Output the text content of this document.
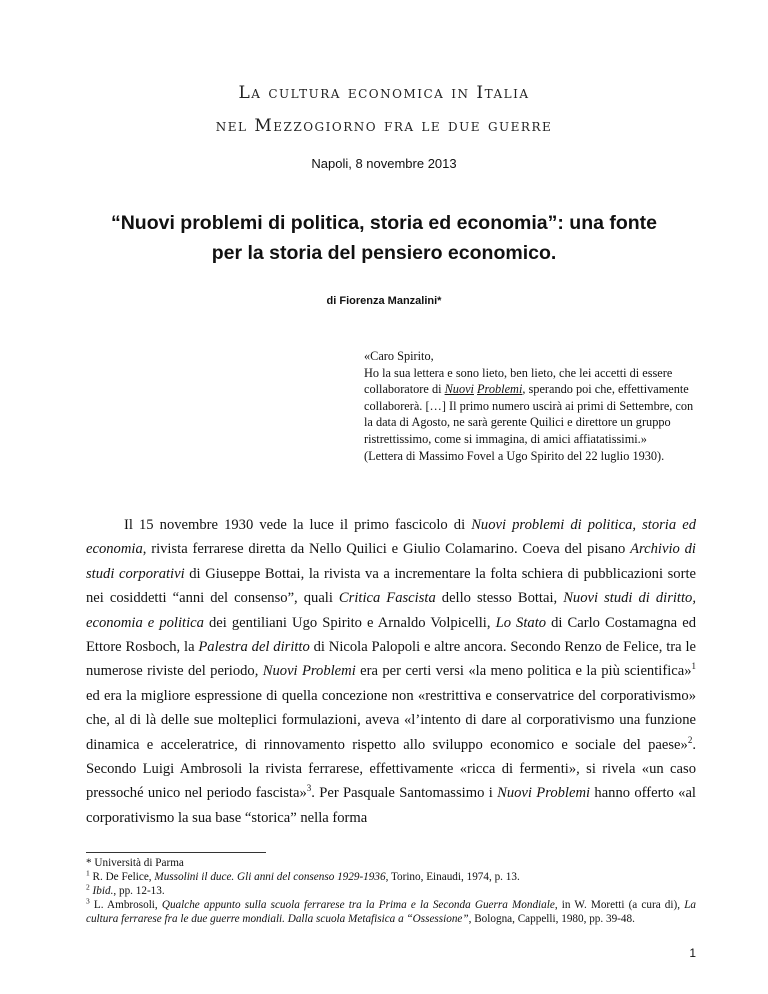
La cultura economica in Italia
nel Mezzogiorno fra le due guerre
Napoli, 8 novembre 2013
“Nuovi problemi di politica, storia ed economia”: una fonte per la storia del pensiero economico.
di Fiorenza Manzalini*
«Caro Spirito,
Ho la sua lettera e sono lieto, ben lieto, che lei accetti di essere collaboratore di Nuovi Problemi, sperando poi che, effettivamente collaborerà. […] Il primo numero uscirà ai primi di Settembre, con la data di Agosto, ne sarà gerente Quilici e direttore un gruppo ristrettissimo, come si immagina, di amici affiatatissimi.»
(Lettera di Massimo Fovel a Ugo Spirito del 22 luglio 1930).

Il 15 novembre 1930 vede la luce il primo fascicolo di Nuovi problemi di politica, storia ed economia, rivista ferrarese diretta da Nello Quilici e Giulio Colamarino. Coeva del pisano Archivio di studi corporativi di Giuseppe Bottai, la rivista va a incrementare la folta schiera di pubblicazioni sorte nei cosiddetti “anni del consenso”, quali Critica Fascista dello stesso Bottai, Nuovi studi di diritto, economia e politica dei gentiliani Ugo Spirito e Arnaldo Volpicelli, Lo Stato di Carlo Costamagna ed Ettore Rosboch, la Palestra del diritto di Nicola Palopoli e altre ancora. Secondo Renzo de Felice, tra le numerose riviste del periodo, Nuovi Problemi era per certi versi «la meno politica e la più scientifica»$^1$ ed era la migliore espressione di quella concezione non «restrittiva e conservatrice del corporativismo» che, al di là delle sue molteplici formulazioni, aveva «l’intento di dare al corporativismo una funzione dinamica e acceleratrice, di rinnovamento rispetto allo sviluppo economico e sociale del paese»$^2$. Secondo Luigi Ambrosoli la rivista ferrarese, effettivamente «ricca di fermenti», si rivela «un caso pressoché unico nel periodo fascista»$^3$. Per Pasquale Santomassimo i Nuovi Problemi hanno offerto «al corporativismo la sua base “storica” nella forma

* Università di Parma
$^1$ R. De Felice, Mussolini il duce. Gli anni del consenso 1929-1936, Torino, Einaudi, 1974, p. 13.
$^2$ Ibid., pp. 12-13.
$^3$ L. Ambrosoli, Qualche appunto sulla scuola ferrarese tra la Prima e la Seconda Guerra Mondiale, in W. Moretti (a cura di), La cultura ferrarese fra le due guerre mondiali. Dalla scuola Metafisica a “Ossessione”, Bologna, Cappelli, 1980, pp. 39-48.
1
